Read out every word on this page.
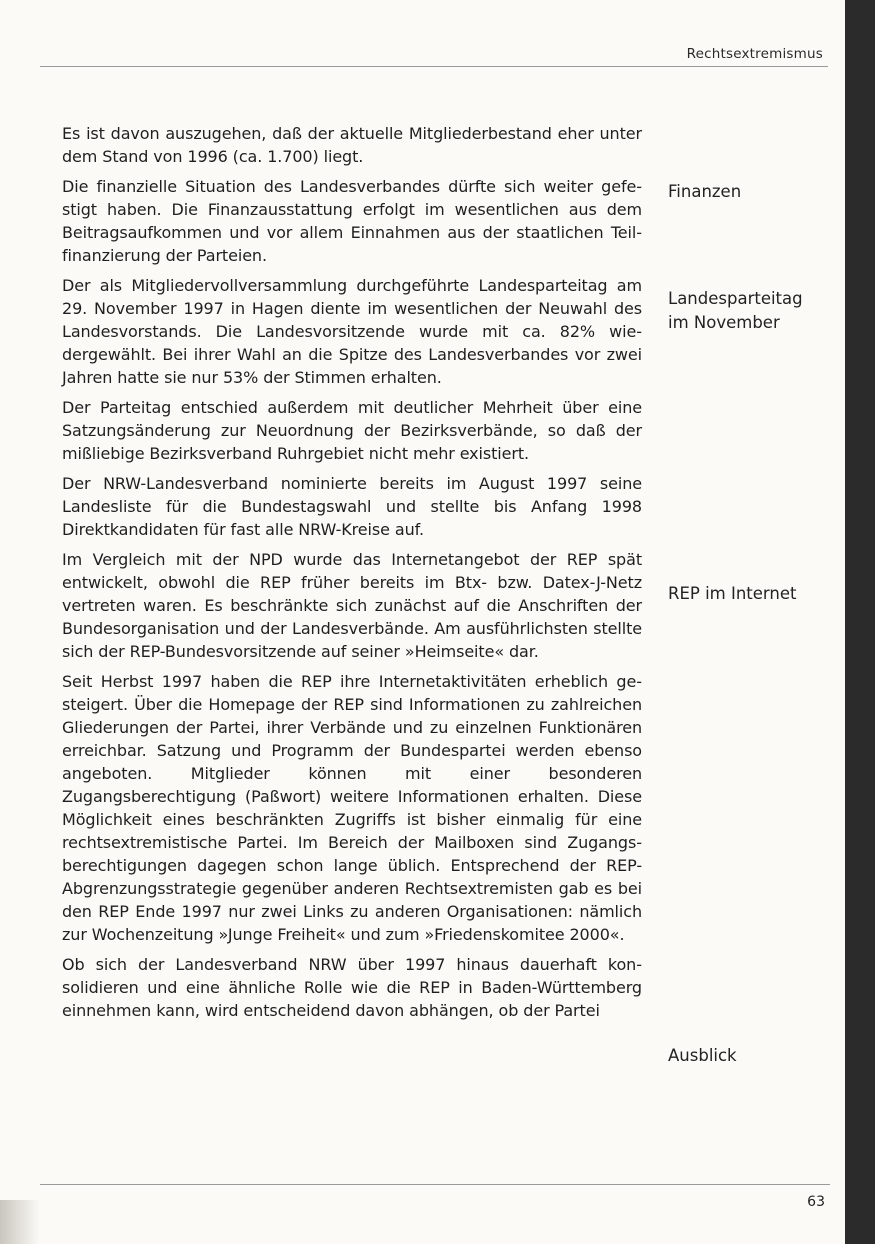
Rechtsextremismus

Es ist davon auszugehen, daß der aktuelle Mitgliederbestand eher unter dem Stand von 1996 (ca. 1.700) liegt.

Die finanzielle Situation des Landesverbandes dürfte sich weiter gefestigt haben. Die Finanzausstattung erfolgt im wesentlichen aus dem Beitragsaufkommen und vor allem Einnahmen aus der staatlichen Teilfinanzierung der Parteien.

Der als Mitgliedervollversammlung durchgeführte Landesparteitag am 29. November 1997 in Hagen diente im wesentlichen der Neuwahl des Landesvorstands. Die Landesvorsitzende wurde mit ca. 82% wiedergewählt. Bei ihrer Wahl an die Spitze des Landesverbandes vor zwei Jahren hatte sie nur 53% der Stimmen erhalten.

Der Parteitag entschied außerdem mit deutlicher Mehrheit über eine Satzungsänderung zur Neuordnung der Bezirksverbände, so daß der mißliebige Bezirksverband Ruhrgebiet nicht mehr existiert.

Der NRW-Landesverband nominierte bereits im August 1997 seine Landesliste für die Bundestagswahl und stellte bis Anfang 1998 Direktkandidaten für fast alle NRW-Kreise auf.

Im Vergleich mit der NPD wurde das Internetangebot der REP spät entwickelt, obwohl die REP früher bereits im Btx- bzw. Datex-J-Netz vertreten waren. Es beschränkte sich zunächst auf die Anschriften der Bundesorganisation und der Landesverbände. Am ausführlichsten stellte sich der REP-Bundesvorsitzende auf seiner »Heimseite« dar.

Seit Herbst 1997 haben die REP ihre Internetaktivitäten erheblich gesteigert. Über die Homepage der REP sind Informationen zu zahlreichen Gliederungen der Partei, ihrer Verbände und zu einzelnen Funktionären erreichbar. Satzung und Programm der Bundespartei werden ebenso angeboten. Mitglieder können mit einer besonderen Zugangsberechtigung (Paßwort) weitere Informationen erhalten. Diese Möglichkeit eines beschränkten Zugriffs ist bisher einmalig für eine rechtsextremistische Partei. Im Bereich der Mailboxen sind Zugangsberechtigungen dagegen schon lange üblich. Entsprechend der REP-Abgrenzungsstrategie gegenüber anderen Rechtsextremisten gab es bei den REP Ende 1997 nur zwei Links zu anderen Organisationen: nämlich zur Wochenzeitung »Junge Freiheit« und zum »Friedenskomitee 2000«.

Ob sich der Landesverband NRW über 1997 hinaus dauerhaft konsolidieren und eine ähnliche Rolle wie die REP in Baden-Württemberg einnehmen kann, wird entscheidend davon abhängen, ob der Partei

Finanzen
Landesparteitag
im November
REP im Internet
Ausblick
63
